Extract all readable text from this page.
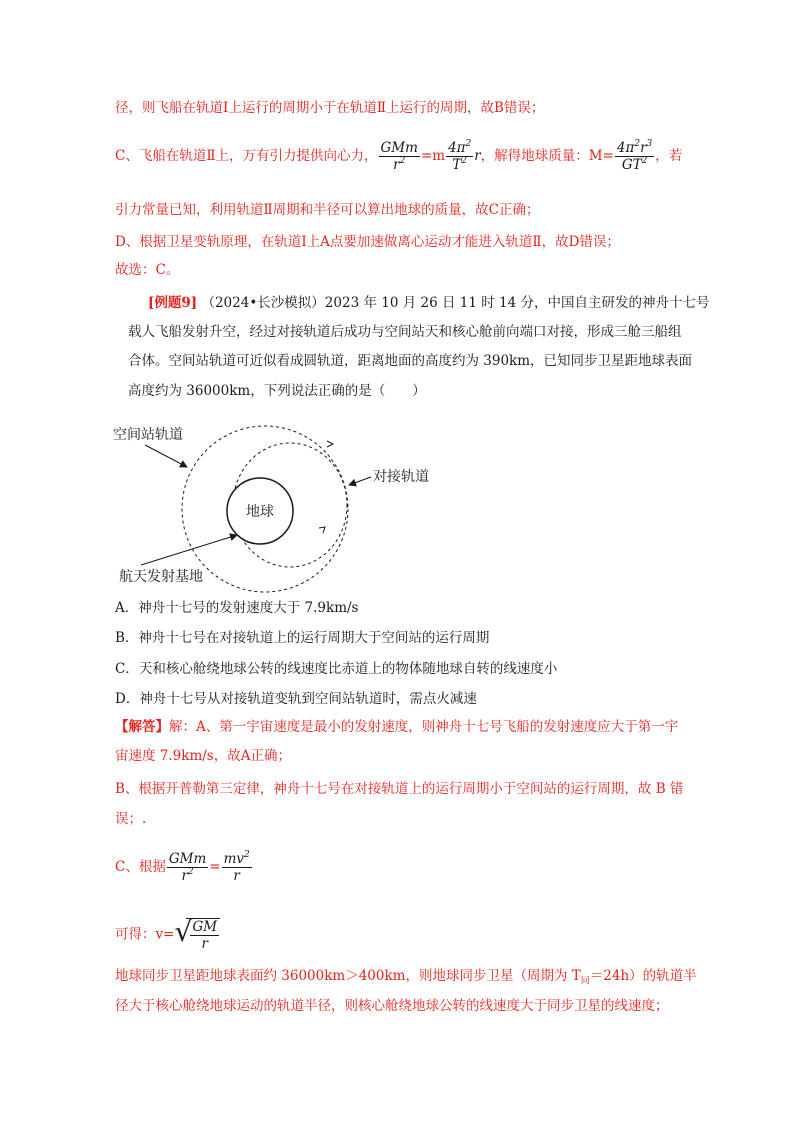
径，则飞船在轨道Ⅰ上运行的周期小于在轨道Ⅱ上运行的周期，故B错误；
C、飞船在轨道Ⅱ上，万有引力提供向心力， $\frac{\text{GMm}}{r^2} =m \frac{4\pi^2}{T^2}$ r，解得地球质量：$M= \frac{4\pi^2r^3}{GT^2}$ ，若
引力常量已知，利用轨道Ⅱ周期和半径可以算出地球的质量，故C正确；
D、根据卫星变轨原理，在轨道Ⅰ上A点要加速做离心运动才能进入轨道Ⅱ，故D错误；
故选：C。
[例题9] （2024•长沙模拟）2023 年 10 月 26 日 11 时 14 分，中国自主研发的神舟十七号
载人飞船发射升空，经过对接轨道后成功与空间站天和核心舱前向端口对接，形成三舱三船组
合体。空间站轨道可近似看成圆轨道，距离地面的高度约为 390km，已知同步卫星距地球表面
高度约为 36000km，下列说法正确的是（　　）
地球
空间站轨道
对接轨道
航天发射基地
A．神舟十七号的发射速度大于 7.9km/s
B．神舟十七号在对接轨道上的运行周期大于空间站的运行周期
C．天和核心舱绕地球公转的线速度比赤道上的物体随地球自转的线速度小
D．神舟十七号从对接轨道变轨到空间站轨道时，需点火减速
【解答】解：A、第一宇宙速度是最小的发射速度，则神舟十七号飞船的发射速度应大于第一宇
宙速度 7.9km/s，故A正确；
B、根据开普勒第三定律，神舟十七号在对接轨道上的运行周期小于空间站的运行周期，故 B 错
误；.
C、根据 $\frac{\text{GMm}}{r^2} = \frac{mv^2}{r}$
可得：v= √
$\frac{GM}{r}$
地球同步卫星距地球表面约 36000km＞400km，则地球同步卫星（周期为 $T_同=24h$）的轨道半
径大于核心舱绕地球运动的轨道半径，则核心舱绕地球公转的线速度大于同步卫星的线速度；
